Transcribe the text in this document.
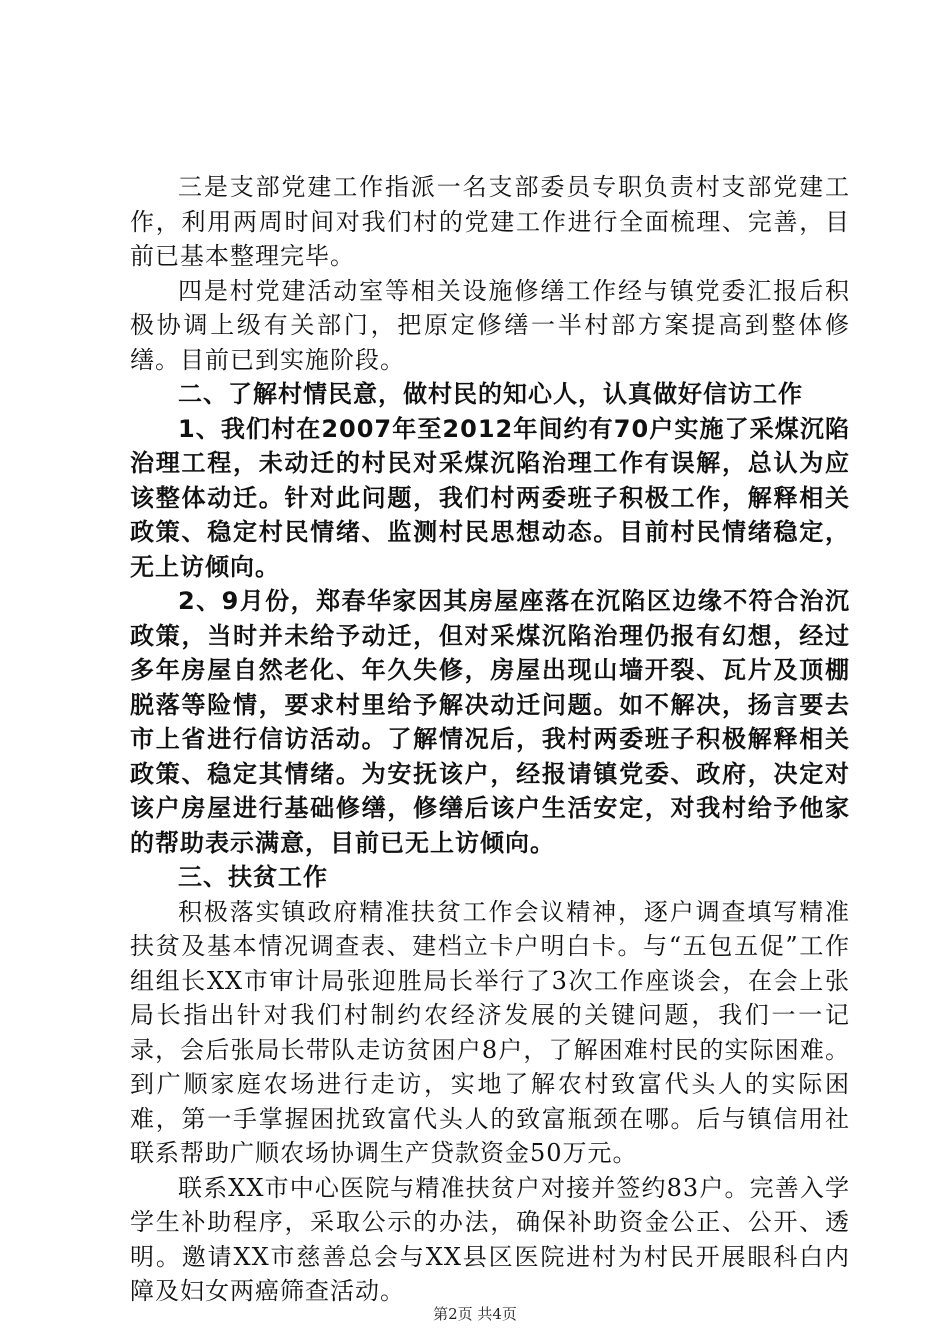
三是支部党建工作指派一名支部委员专职负责村支部党建工作，利用两周时间对我们村的党建工作进行全面梳理、完善，目前已基本整理完毕。

四是村党建活动室等相关设施修缮工作经与镇党委汇报后积极协调上级有关部门，把原定修缮一半村部方案提高到整体修缮。目前已到实施阶段。

二、了解村情民意，做村民的知心人，认真做好信访工作

1、我们村在2007年至2012年间约有70户实施了采煤沉陷治理工程，未动迁的村民对采煤沉陷治理工作有误解，总认为应该整体动迁。针对此问题，我们村两委班子积极工作，解释相关政策、稳定村民情绪、监测村民思想动态。目前村民情绪稳定，无上访倾向。

2、9月份，郑春华家因其房屋座落在沉陷区边缘不符合治沉政策，当时并未给予动迁，但对采煤沉陷治理仍报有幻想，经过多年房屋自然老化、年久失修，房屋出现山墙开裂、瓦片及顶棚脱落等险情，要求村里给予解决动迁问题。如不解决，扬言要去市上省进行信访活动。了解情况后，我村两委班子积极解释相关政策、稳定其情绪。为安抚该户，经报请镇党委、政府，决定对该户房屋进行基础修缮，修缮后该户生活安定，对我村给予他家的帮助表示满意，目前已无上访倾向。

三、扶贫工作

积极落实镇政府精准扶贫工作会议精神，逐户调查填写精准扶贫及基本情况调查表、建档立卡户明白卡。与“五包五促”工作组组长XX市审计局张迎胜局长举行了3次工作座谈会，在会上张局长指出针对我们村制约农经济发展的关键问题，我们一一记录，会后张局长带队走访贫困户8户，了解困难村民的实际困难。到广顺家庭农场进行走访，实地了解农村致富代头人的实际困难，第一手掌握困扰致富代头人的致富瓶颈在哪。后与镇信用社联系帮助广顺农场协调生产贷款资金50万元。

联系XX市中心医院与精准扶贫户对接并签约83户。完善入学学生补助程序，采取公示的办法，确保补助资金公正、公开、透明。邀请XX市慈善总会与XX县区医院进村为村民开展眼科白内障及妇女两癌筛查活动。

第2页 共4页
